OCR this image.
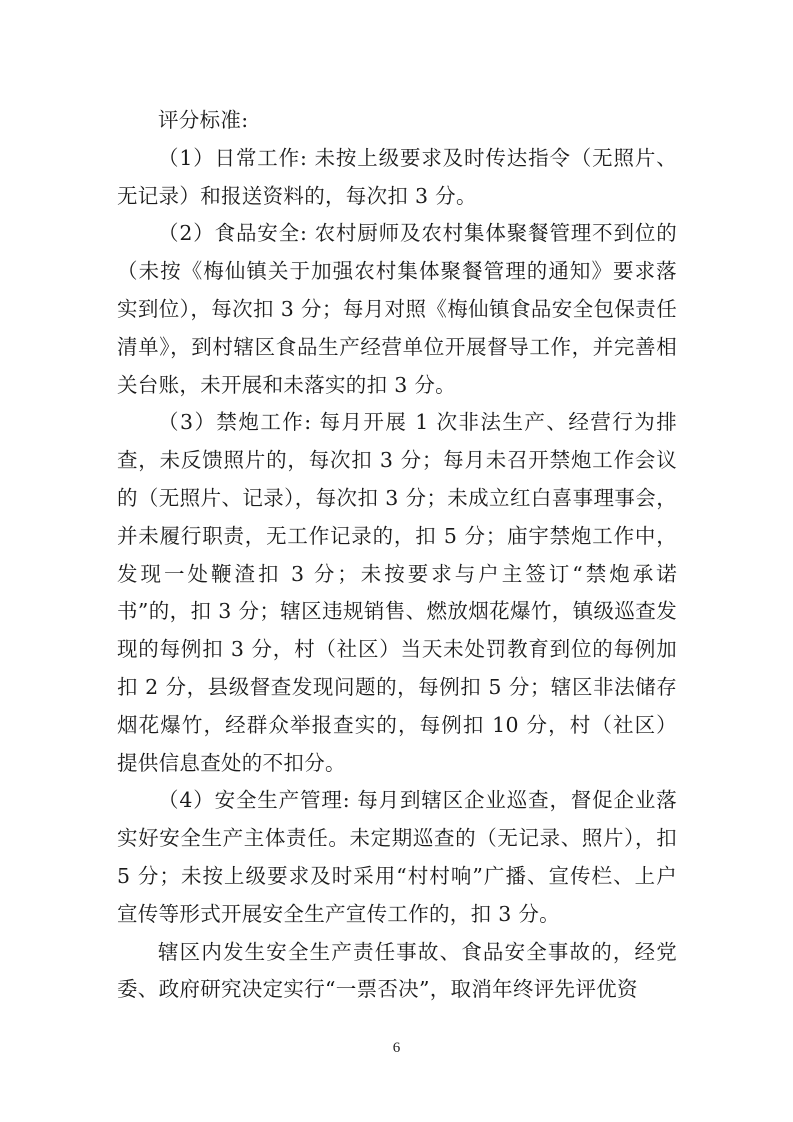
评分标准:

（1）日常工作: 未按上级要求及时传达指令（无照片、无记录）和报送资料的，每次扣 3 分。

（2）食品安全: 农村厨师及农村集体聚餐管理不到位的（未按《梅仙镇关于加强农村集体聚餐管理的通知》要求落实到位），每次扣 3 分；每月对照《梅仙镇食品安全包保责任清单》，到村辖区食品生产经营单位开展督导工作，并完善相关台账，未开展和未落实的扣 3 分。

（3）禁炮工作: 每月开展 1 次非法生产、经营行为排查，未反馈照片的，每次扣 3 分；每月未召开禁炮工作会议的（无照片、记录），每次扣 3 分；未成立红白喜事理事会，并未履行职责，无工作记录的，扣 5 分；庙宇禁炮工作中，发现一处鞭渣扣 3 分；未按要求与户主签订“禁炮承诺书”的，扣 3 分；辖区违规销售、燃放烟花爆竹，镇级巡查发现的每例扣 3 分，村（社区）当天未处罚教育到位的每例加扣 2 分，县级督查发现问题的，每例扣 5 分；辖区非法储存烟花爆竹，经群众举报查实的，每例扣 10 分，村（社区）提供信息查处的不扣分。

（4）安全生产管理: 每月到辖区企业巡查，督促企业落实好安全生产主体责任。未定期巡查的（无记录、照片），扣 5 分；未按上级要求及时采用“村村响”广播、宣传栏、上户宣传等形式开展安全生产宣传工作的，扣 3 分。

辖区内发生安全生产责任事故、食品安全事故的，经党委、政府研究决定实行“一票否决”，取消年终评先评优资

6
